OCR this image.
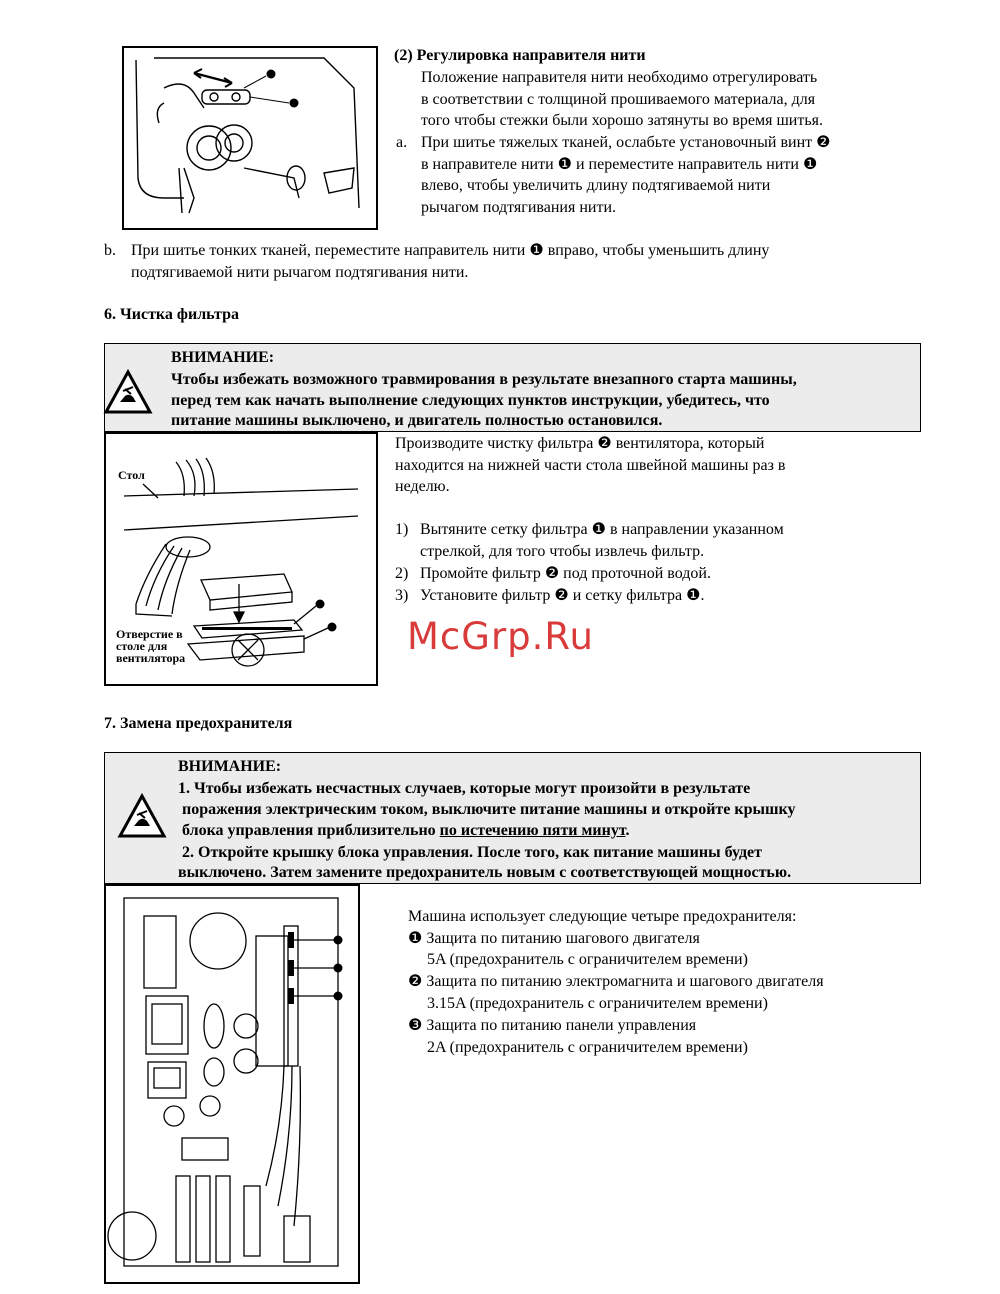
(2) Регулировка направителя нити
Положение направителя нити необходимо отрегулировать
в соответствии с толщиной прошиваемого материала, для
того чтобы стежки были хорошо затянуты во время шитья.
a. При шитье тяжелых тканей, ослабьте установочный винт ❷
в направителе нити ❶ и переместите направитель нити ❶
влево, чтобы увеличить длину подтягиваемой нити
рычагом подтягивания нити.
b. При шитье тонких тканей, переместите направитель нити ❶ вправо, чтобы уменьшить длину
подтягиваемой нити рычагом подтягивания нити.
6. Чистка фильтра
ВНИМАНИЕ:
Чтобы избежать возможного травмирования в результате внезапного старта машины,
перед тем как начать выполнение следующих пунктов инструкции, убедитесь, что
питание машины выключено, и двигатель полностью остановился.
Стол
Отверстие в
столе для
вентилятора
Производите чистку фильтра ❷ вентилятора, который
находится на нижней части стола швейной машины раз в
неделю.
1) Вытяните сетку фильтра ❶ в направлении указанном
стрелкой, для того чтобы извлечь фильтр.
2) Промойте фильтр ❷ под проточной водой.
3) Установите фильтр ❷ и сетку фильтра ❶.
McGrp.Ru
7. Замена предохранителя
ВНИМАНИЕ:
1. Чтобы избежать несчастных случаев, которые могут произойти в результате
поражения электрическим током, выключите питание машины и откройте крышку
блока управления приблизительно по истечению пяти минут.
2. Откройте крышку блока управления. После того, как питание машины будет
выключено. Затем замените предохранитель новым с соответствующей мощностью.
Машина использует следующие четыре предохранителя:
❶ Защита по питанию шагового двигателя
5A (предохранитель с ограничителем времени)
❷ Защита по питанию электромагнита и шагового двигателя
3.15A (предохранитель с ограничителем времени)
❸ Защита по питанию панели управления
2A (предохранитель с ограничителем времени)
